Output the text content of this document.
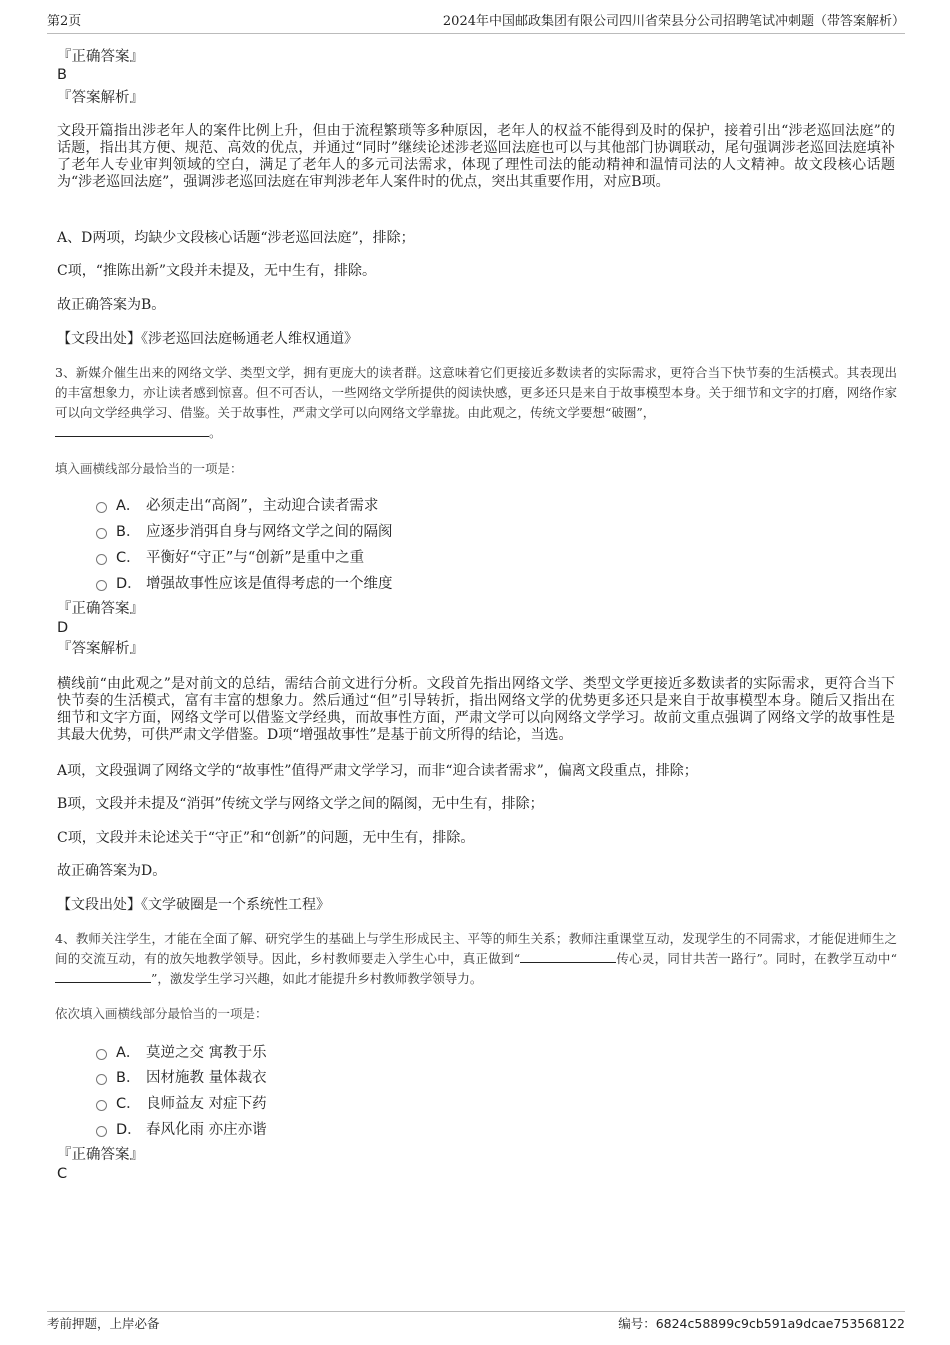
第2页	2024年中国邮政集团有限公司四川省荣县分公司招聘笔试冲刺题（带答案解析）
『正确答案』
B
『答案解析』
文段开篇指出涉老年人的案件比例上升，但由于流程繁琐等多种原因，老年人的权益不能得到及时的保护，接着引出“涉老巡回法庭”的话题，指出其方便、规范、高效的优点，并通过“同时”继续论述涉老巡回法庭也可以与其他部门协调联动，尾句强调涉老巡回法庭填补了老年人专业审判领域的空白，满足了老年人的多元司法需求，体现了理性司法的能动精神和温情司法的人文精神。故文段核心话题为“涉老巡回法庭”，强调涉老巡回法庭在审判涉老年人案件时的优点，突出其重要作用，对应B项。
A、D两项，均缺少文段核心话题“涉老巡回法庭”，排除；
C项，“推陈出新”文段并未提及，无中生有，排除。
故正确答案为B。
【文段出处】《涉老巡回法庭畅通老人维权通道》
3、新媒介催生出来的网络文学、类型文学，拥有更庞大的读者群。这意味着它们更接近多数读者的实际需求，更符合当下快节奏的生活模式。其表现出的丰富想象力，亦让读者感到惊喜。但不可否认，一些网络文学所提供的阅读快感，更多还只是来自于故事模型本身。关于细节和文字的打磨，网络作家可以向文学经典学习、借鉴。关于故事性，严肃文学可以向网络文学靠拢。由此观之，传统文学要想“破圈”，
。
填入画横线部分最恰当的一项是：
A． 必须走出“高阁”，主动迎合读者需求
B． 应逐步消弭自身与网络文学之间的隔阂
C． 平衡好“守正”与“创新”是重中之重
D． 增强故事性应该是值得考虑的一个维度
『正确答案』
D
『答案解析』
横线前“由此观之”是对前文的总结，需结合前文进行分析。文段首先指出网络文学、类型文学更接近多数读者的实际需求，更符合当下快节奏的生活模式，富有丰富的想象力。然后通过“但”引导转折，指出网络文学的优势更多还只是来自于故事模型本身。随后又指出在细节和文字方面，网络文学可以借鉴文学经典，而故事性方面，严肃文学可以向网络文学学习。故前文重点强调了网络文学的故事性是其最大优势，可供严肃文学借鉴。D项“增强故事性”是基于前文所得的结论，当选。
A项，文段强调了网络文学的“故事性”值得严肃文学学习，而非“迎合读者需求”，偏离文段重点，排除；
B项，文段并未提及“消弭”传统文学与网络文学之间的隔阂，无中生有，排除；
C项，文段并未论述关于“守正”和“创新”的问题，无中生有，排除。
故正确答案为D。
【文段出处】《文学破圈是一个系统性工程》
4、教师关注学生，才能在全面了解、研究学生的基础上与学生形成民主、平等的师生关系；教师注重课堂互动，发现学生的不同需求，才能促进师生之间的交流互动，有的放矢地教学领导。因此，乡村教师要走入学生心中，真正做到“	传心灵，同甘共苦一路行”。同时，在教学互动中“”，激发学生学习兴趣，如此才能提升乡村教师教学领导力。
依次填入画横线部分最恰当的一项是：
A． 莫逆之交 寓教于乐
B． 因材施教 量体裁衣
C． 良师益友 对症下药
D． 春风化雨 亦庄亦谐
『正确答案』
C
考前押题，上岸必备	编号：6824c58899c9cb591a9dcae753568122
